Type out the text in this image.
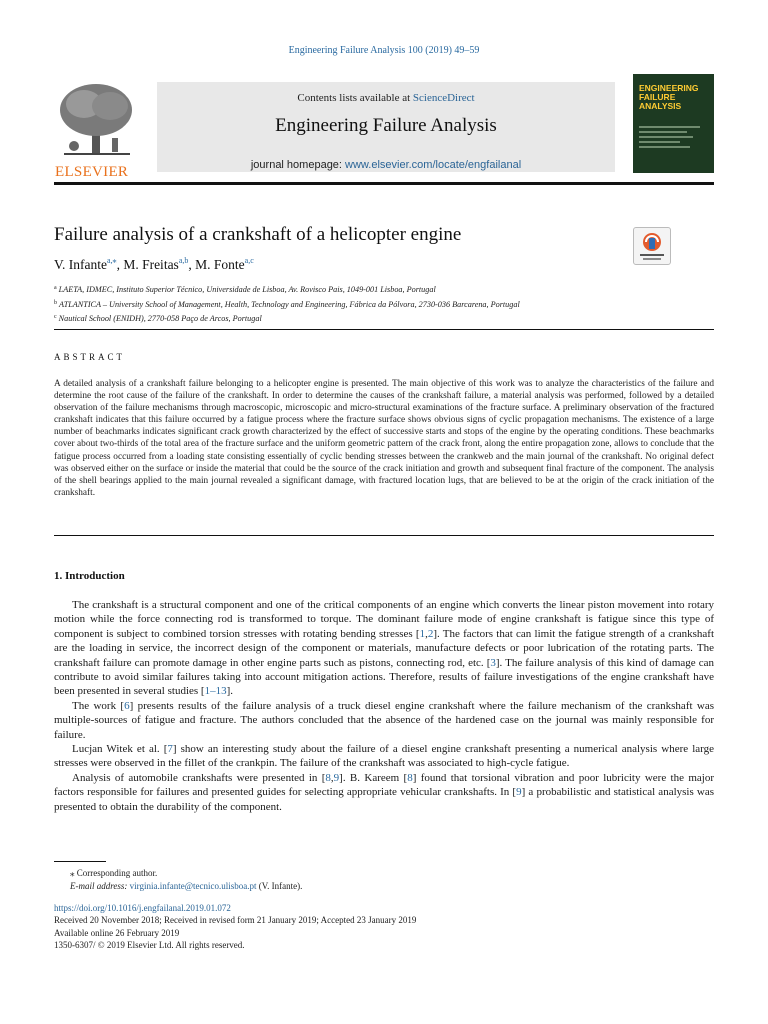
Engineering Failure Analysis 100 (2019) 49–59
ELSEVIER
Contents lists available at ScienceDirect
Engineering Failure Analysis
journal homepage: www.elsevier.com/locate/engfailanal
ENGINEERING
FAILURE
ANALYSIS
Failure analysis of a crankshaft of a helicopter engine
V. Infante$^{a,⁎}$, M. Freitas$^{a,b}$, M. Fonte$^{a,c}$
$^a$ LAETA, IDMEC, Instituto Superior Técnico, Universidade de Lisboa, Av. Rovisco Pais, 1049-001 Lisboa, Portugal
$^b$ ATLANTICA – University School of Management, Health, Technology and Engineering, Fábrica da Pólvora, 2730-036 Barcarena, Portugal
$^c$ Nautical School (ENIDH), 2770-058 Paço de Arcos, Portugal
ABSTRACT
A detailed analysis of a crankshaft failure belonging to a helicopter engine is presented. The main objective of this work was to analyze the characteristics of the failure and determine the root cause of the failure of the crankshaft. In order to determine the causes of the crankshaft failure, a material analysis was performed, followed by a detailed observation of the failure mechanisms through macroscopic, microscopic and micro-structural examinations of the fracture surface. A preliminary observation of the fractured crankshaft indicates that this failure occurred by a fatigue process where the fracture surface shows obvious signs of cyclic propagation mechanisms. The existence of a large number of beachmarks indicates significant crack growth characterized by the effect of successive starts and stops of the engine by the operating conditions. These beachmarks cover about two-thirds of the total area of the fracture surface and the uniform geometric pattern of the crack front, along the entire propagation zone, allows to conclude that the fatigue process occurred from a loading state consisting essentially of cyclic bending stresses between the crankweb and the main journal of the crankshaft. No original defect was observed either on the surface or inside the material that could be the source of the crack initiation and growth and subsequent final fracture of the component. The analysis of the shell bearings applied to the main journal revealed a significant damage, with fractured location lugs, that are believed to be at the origin of the crack initiation of the crankshaft.
1. Introduction

The crankshaft is a structural component and one of the critical components of an engine which converts the linear piston movement into rotary motion while the force connecting rod is transformed to torque. The dominant failure mode of engine crankshaft is fatigue since this type of component is subject to combined torsion stresses with rotating bending stresses [1,2]. The factors that can limit the fatigue strength of a crankshaft are the loading in service, the incorrect design of the component or materials, manufacture defects or poor lubrication of the rotating parts. The crankshaft failure can promote damage in other engine parts such as pistons, connecting rod, etc. [3]. The failure analysis of this kind of damage can contribute to avoid similar failures taking into account mitigation actions. Therefore, results of failure investigations of the engine crankshaft have been presented in several studies [1–13].

The work [6] presents results of the failure analysis of a truck diesel engine crankshaft where the failure mechanism of the crankshaft was multiple-sources of fatigue and fracture. The authors concluded that the absence of the hardened case on the journal was mainly responsible for failure.

Lucjan Witek et al. [7] show an interesting study about the failure of a diesel engine crankshaft presenting a numerical analysis where large stresses were observed in the fillet of the crankpin. The failure of the crankshaft was associated to high-cycle fatigue.

Analysis of automobile crankshafts were presented in [8,9]. B. Kareem [8] found that torsional vibration and poor lubricity were the major factors responsible for failures and presented guides for selecting appropriate vehicular crankshafts. In [9] a probabilistic and statistical analysis was presented to obtain the durability of the component.

⁎ Corresponding author.
E-mail address: virginia.infante@tecnico.ulisboa.pt (V. Infante).
https://doi.org/10.1016/j.engfailanal.2019.01.072
Received 20 November 2018; Received in revised form 21 January 2019; Accepted 23 January 2019
Available online 26 February 2019
1350-6307/ © 2019 Elsevier Ltd. All rights reserved.
